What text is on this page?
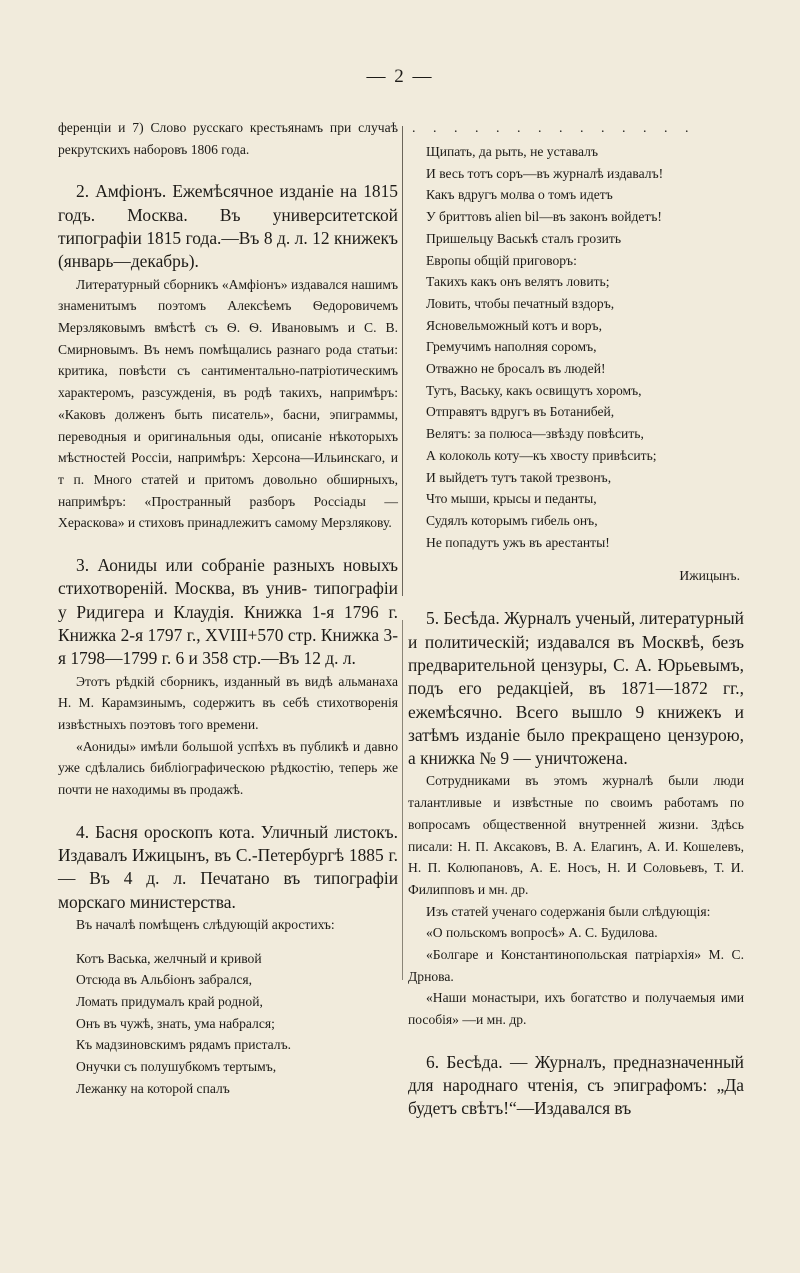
— 2 —

ференціи и 7) Слово русскаго крестьянамъ при случаѣ рекрутскихъ наборовъ 1806 года.

2. Амфіонъ. Ежемѣсячное изданіе на 1815 годъ. Москва. Въ университетской типографіи 1815 года.—Въ 8 д. л. 12 книжекъ (январь—декабрь).

Литературный сборникъ «Амфіонъ» издавался нашимъ знаменитымъ поэтомъ Алексѣемъ Ѳедоровичемъ Мерзляковымъ вмѣстѣ съ Ѳ. Ѳ. Ивановымъ и С. В. Смирновымъ. Въ немъ помѣщались разнаго рода статьи: критика, повѣсти съ сантиментально-патріотическимъ характеромъ, разсужденія, въ родѣ такихъ, напримѣръ: «Каковъ долженъ быть писатель», басни, эпиграммы, переводныя и оригинальныя оды, описаніе нѣкоторыхъ мѣстностей Россіи, напримѣръ: Херсона—Ильинскаго, и т п. Много статей и притомъ довольно обширныхъ, напримѣръ: «Пространный разборъ Россіады — Хераскова» и стиховъ принадлежитъ самому Мерзлякову.

3. Аониды или собраніе разныхъ новыхъ стихотвореній. Москва, въ унив- типографіи у Ридигера и Клаудія. Книжка 1-я 1796 г. Книжка 2-я 1797 г., XVIII+570 стр. Книжка 3-я 1798—1799 г. 6 и 358 стр.—Въ 12 д. л.

Этотъ рѣдкій сборникъ, изданный въ видѣ альманаха Н. М. Карамзинымъ, содержитъ въ себѣ стихотворенія извѣстныхъ поэтовъ того времени.

«Аониды» имѣли большой успѣхъ въ публикѣ и давно уже сдѣлались библіографическою рѣдкостію, теперь же почти не находимы въ продажѣ.

4. Басня ороскопъ кота. Уличный листокъ. Издавалъ Ижицынъ, въ С.-Петербургѣ 1885 г. — Въ 4 д. л. Печатано въ типографіи морскаго министерства.

Въ началѣ помѣщенъ слѣдующій акростихъ:

Котъ Васька, желчный и кривой
Отсюда въ Альбіонъ забрался,
Ломать придумалъ край родной,
Онъ въ чужѣ, знать, ума набрался;
Къ мадзиновскимъ рядамъ присталъ.
Онучки съ полушубкомъ тертымъ,
Лежанку на которой спалъ
. . . . . . . . . . . . . .
Щипать, да рыть, не уставалъ
И весь тотъ соръ—въ журналѣ издавалъ!
Какъ вдругъ молва о томъ идетъ
У бриттовъ alien bil—въ законъ войдетъ!
Пришельцу Васькѣ сталъ грозить
Европы общій приговоръ:
Такихъ какъ онъ велятъ ловить;
Ловить, чтобы печатный вздоръ,
Ясновельможный котъ и воръ,
Гремучимъ наполняя соромъ,
Отважно не бросалъ въ людей!
Тутъ, Ваську, какъ освищутъ хоромъ,
Отправятъ вдругъ въ Ботанибей,
Велятъ: за полюса—звѣзду повѣсить,
А колоколь коту—къ хвосту привѣсить;
И выйдетъ тутъ такой трезвонъ,
Что мыши, крысы и педанты,
Судялъ которымъ гибель онъ,
Не попадутъ ужъ въ арестанты!
Ижицынъ.

5. Бесѣда. Журналъ ученый, литературный и политическій; издавался въ Москвѣ, безъ предварительной цензуры, С. А. Юрьевымъ, подъ его редакціей, въ 1871—1872 гг., ежемѣсячно. Всего вышло 9 книжекъ и затѣмъ изданіе было прекращено цензурою, а книжка № 9 — уничтожена.

Сотрудниками въ этомъ журналѣ были люди талантливые и извѣстные по своимъ работамъ по вопросамъ общественной внутренней жизни. Здѣсь писали: Н. П. Аксаковъ, В. А. Елагинъ, А. И. Кошелевъ, Н. П. Колюпановъ, А. Е. Носъ, Н. И Соловьевъ, Т. И. Филипповъ и мн. др.

Изъ статей ученаго содержанія были слѣдующія:

«О польскомъ вопросѣ» А. С. Будилова.

«Болгаре и Константинопольская патріархія» М. С. Дрнова.

«Наши монастыри, ихъ богатство и получаемыя ими пособія» —и мн. др.

6. Бесѣда. — Журналъ, предназначенный для народнаго чтенія, съ эпиграфомъ: „Да будетъ свѣтъ!“—Издавался въ
